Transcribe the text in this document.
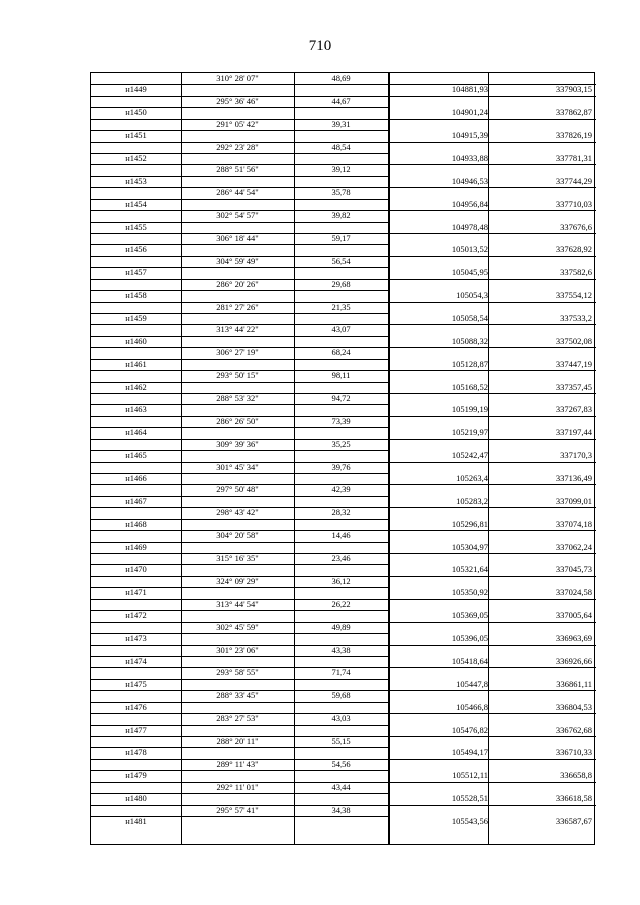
710
310° 28' 07"	48,69
н1449	104881,93	337903,15
295° 36' 46"	44,67
н1450	104901,24	337862,87
291° 05' 42"	39,31
н1451	104915,39	337826,19
292° 23' 28"	48,54
н1452	104933,88	337781,31
288° 51' 56"	39,12
н1453	104946,53	337744,29
286° 44' 54"	35,78
н1454	104956,84	337710,03
302° 54' 57"	39,82
н1455	104978,48	337676,6
306° 18' 44"	59,17
н1456	105013,52	337628,92
304° 59' 49"	56,54
н1457	105045,95	337582,6
286° 20' 26"	29,68
н1458	105054,3	337554,12
281° 27' 26"	21,35
н1459	105058,54	337533,2
313° 44' 22"	43,07
н1460	105088,32	337502,08
306° 27' 19"	68,24
н1461	105128,87	337447,19
293° 50' 15"	98,11
н1462	105168,52	337357,45
288° 53' 32"	94,72
н1463	105199,19	337267,83
286° 26' 50"	73,39
н1464	105219,97	337197,44
309° 39' 36"	35,25
н1465	105242,47	337170,3
301° 45' 34"	39,76
н1466	105263,4	337136,49
297° 50' 48"	42,39
н1467	105283,2	337099,01
298° 43' 42"	28,32
н1468	105296,81	337074,18
304° 20' 58"	14,46
н1469	105304,97	337062,24
315° 16' 35"	23,46
н1470	105321,64	337045,73
324° 09' 29"	36,12
н1471	105350,92	337024,58
313° 44' 54"	26,22
н1472	105369,05	337005,64
302° 45' 59"	49,89
н1473	105396,05	336963,69
301° 23' 06"	43,38
н1474	105418,64	336926,66
293° 58' 55"	71,74
н1475	105447,8	336861,11
288° 33' 45"	59,68
н1476	105466,8	336804,53
283° 27' 53"	43,03
н1477	105476,82	336762,68
288° 20' 11"	55,15
н1478	105494,17	336710,33
289° 11' 43"	54,56
н1479	105512,11	336658,8
292° 11' 01"	43,44
н1480	105528,51	336618,58
295° 57' 41"	34,38
н1481	105543,56	336587,67
